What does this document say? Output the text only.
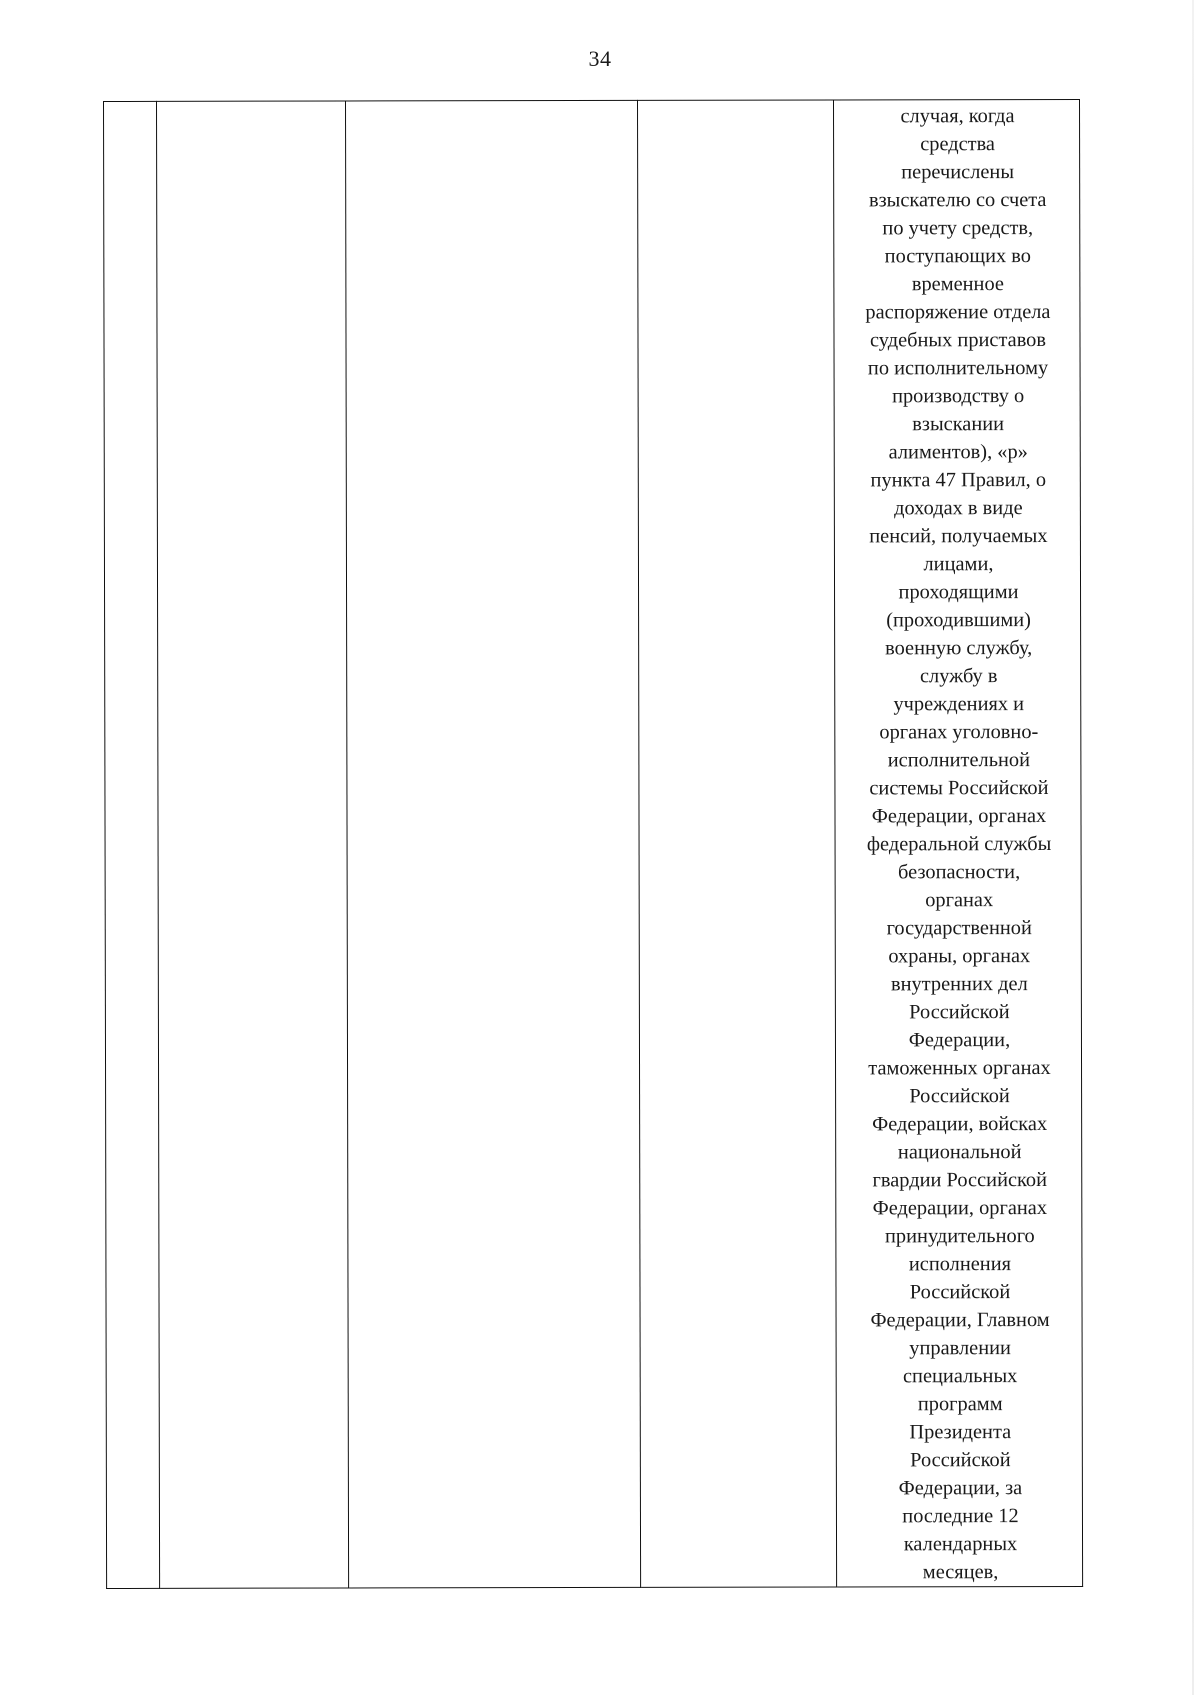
34

случая, когда
средства
перечислены
взыскателю со счета
по учету средств,
поступающих во
временное
распоряжение отдела
судебных приставов
по исполнительному
производству о
взыскании
алиментов), «р»
пункта 47 Правил, о
доходах в виде
пенсий, получаемых
лицами,
проходящими
(проходившими)
военную службу,
службу в
учреждениях и
органах уголовно-
исполнительной
системы Российской
Федерации, органах
федеральной службы
безопасности,
органах
государственной
охраны, органах
внутренних дел
Российской
Федерации,
таможенных органах
Российской
Федерации, войсках
национальной
гвардии Российской
Федерации, органах
принудительного
исполнения
Российской
Федерации, Главном
управлении
специальных
программ
Президента
Российской
Федерации, за
последние 12
календарных
месяцев,
